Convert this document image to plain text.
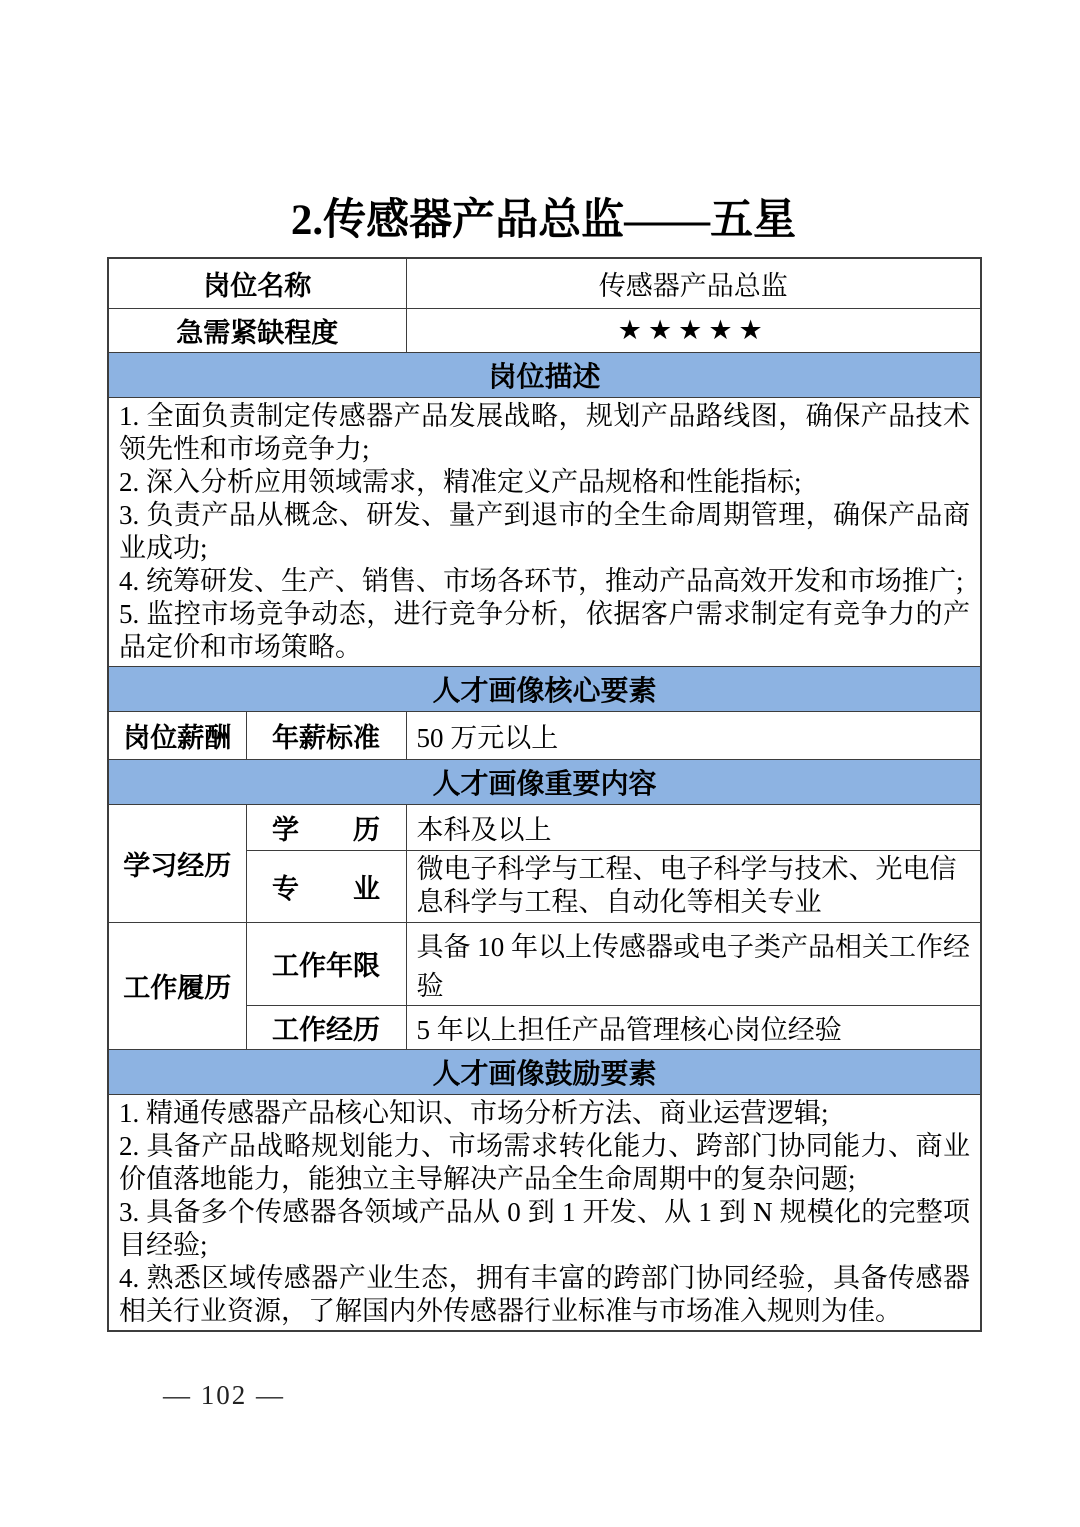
2.传感器产品总监——五星
岗位名称		传感器产品总监
急需紧缺程度		★★★★★
岗位描述		

1. 全面负责制定传感器产品发展战略，规划产品路线图，确保产品技术领先性和市场竞争力;
2. 深入分析应用领域需求，精准定义产品规格和性能指标;
3. 负责产品从概念、研发、量产到退市的全生命周期管理，确保产品商业成功;
4. 统筹研发、生产、销售、市场各环节，推动产品高效开发和市场推广;
5. 监控市场竞争动态，进行竞争分析，依据客户需求制定有竞争力的产品定价和市场策略。		

人才画像核心要素		
岗位薪酬	年薪标准	50 万元以上
人才画像重要内容		
学习经历	学　　历	本科及以上
	专　　业	微电子科学与工程、电子科学与技术、光电信息科学与工程、自动化等相关专业
工作履历	工作年限	具备 10 年以上传感器或电子类产品相关工作经验
	工作经历	5 年以上担任产品管理核心岗位经验
人才画像鼓励要素		

1. 精通传感器产品核心知识、市场分析方法、商业运营逻辑;
2. 具备产品战略规划能力、市场需求转化能力、跨部门协同能力、商业价值落地能力，能独立主导解决产品全生命周期中的复杂问题;
3. 具备多个传感器各领域产品从 0 到 1 开发、从 1 到 N 规模化的完整项目经验;
4. 熟悉区域传感器产业生态，拥有丰富的跨部门协同经验，具备传感器相关行业资源，了解国内外传感器行业标准与市场准入规则为佳。		
— 102 —
